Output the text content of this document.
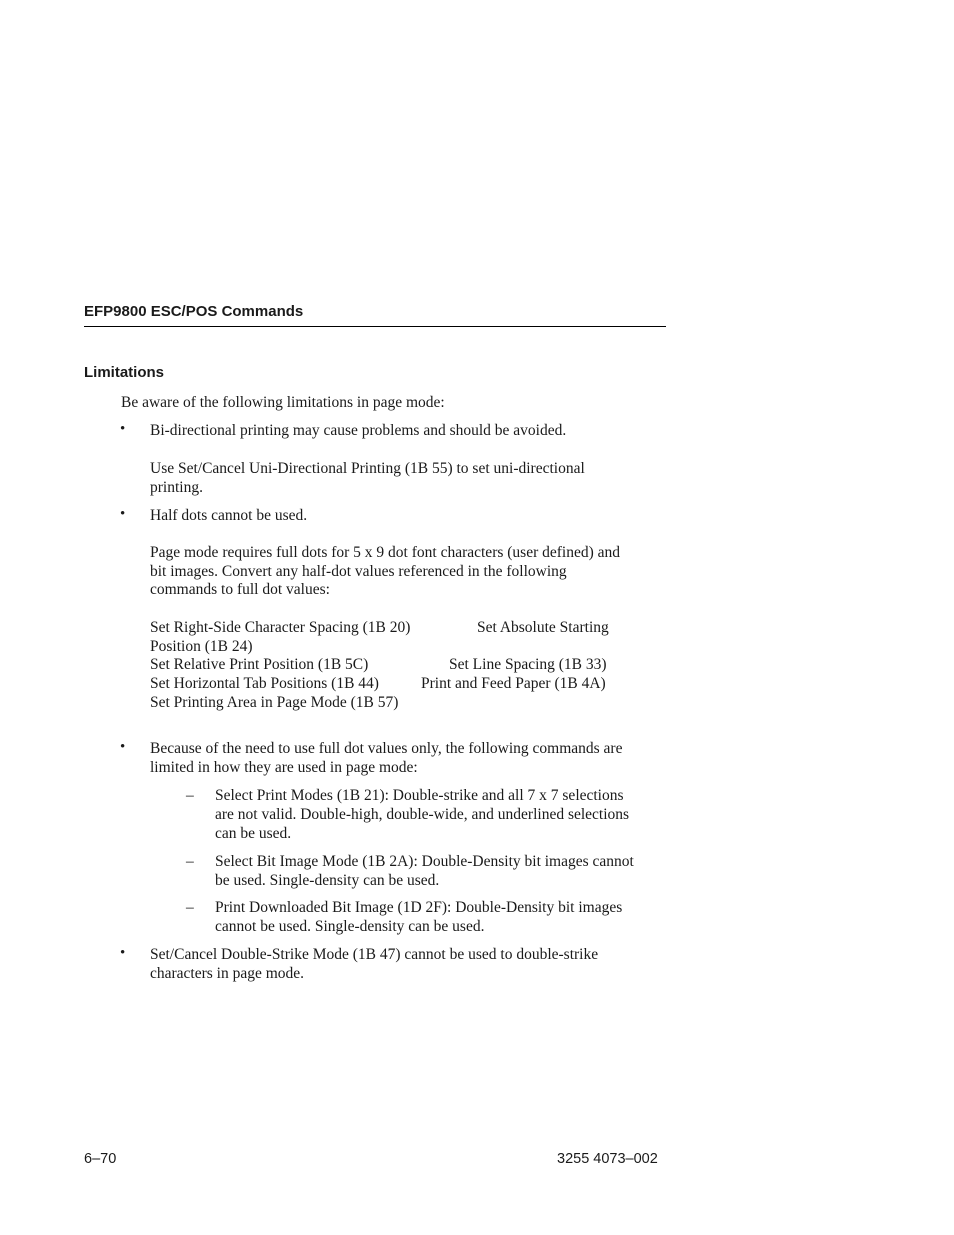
EFP9800 ESC/POS Commands
Limitations
Be aware of the following limitations in page mode:
• Bi-directional printing may cause problems and should be avoided.
Use Set/Cancel Uni-Directional Printing (1B 55) to set uni-directional
printing.
• Half dots cannot be used.
Page mode requires full dots for 5 x 9 dot font characters (user defined) and
bit images. Convert any half-dot values referenced in the following
commands to full dot values:
Set Right-Side Character Spacing (1B 20)	Set Absolute Starting
Position (1B 24)
Set Relative Print Position (1B 5C)	Set Line Spacing (1B 33)
Set Horizontal Tab Positions (1B 44)	Print and Feed Paper (1B 4A)
Set Printing Area in Page Mode (1B 57)
• Because of the need to use full dot values only, the following commands are
limited in how they are used in page mode:
– Select Print Modes (1B 21): Double-strike and all 7 x 7 selections
are not valid. Double-high, double-wide, and underlined selections
can be used.
– Select Bit Image Mode (1B 2A): Double-Density bit images cannot
be used. Single-density can be used.
– Print Downloaded Bit Image (1D 2F): Double-Density bit images
cannot be used. Single-density can be used.
• Set/Cancel Double-Strike Mode (1B 47) cannot be used to double-strike
characters in page mode.
6–70	3255 4073–002
